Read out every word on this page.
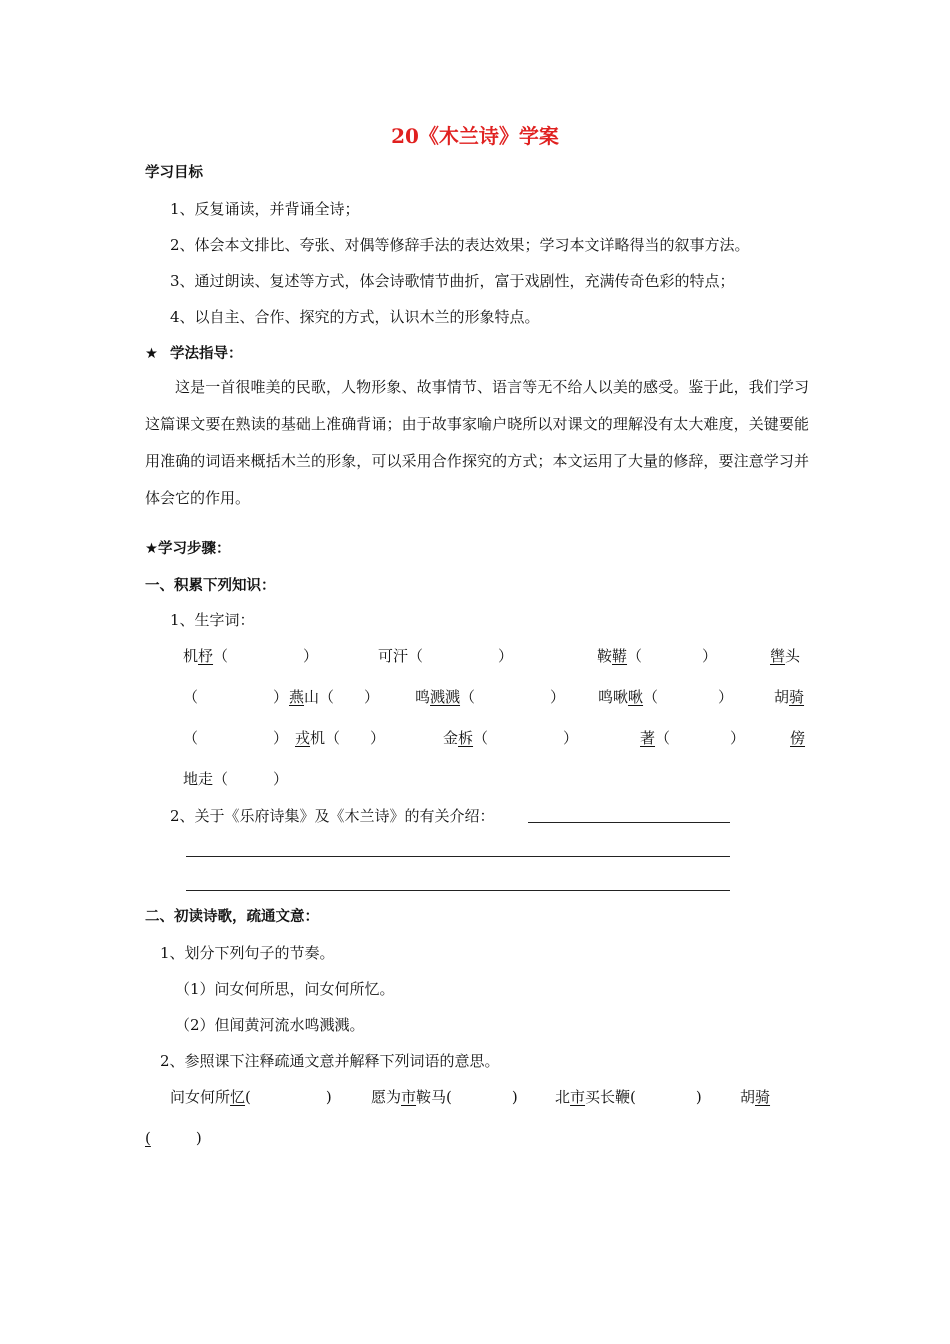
20《木兰诗》学案
学习目标
1、反复诵读，并背诵全诗；
2、体会本文排比、夸张、对偶等修辞手法的表达效果；学习本文详略得当的叙事方法。
3、通过朗读、复述等方式，体会诗歌情节曲折，富于戏剧性，充满传奇色彩的特点；
4、以自主、合作、探究的方式，认识木兰的形象特点。
★ 学法指导：
这是一首很唯美的民歌，人物形象、故事情节、语言等无不给人以美的感受。鉴于此，我们学习这篇课文要在熟读的基础上准确背诵；由于故事家喻户晓所以对课文的理解没有太大难度，关键要能用准确的词语来概括木兰的形象，可以采用合作探究的方式；本文运用了大量的修辞，要注意学习并体会它的作用。
★学习步骤：
一、积累下列知识：
1、生字词：
机杼（　　　　　）	可汗（　　　　　）	鞍鞯（　　　　）	辔头
（　　　　　） 燕山（　　） 鸣溅溅（　　　　　） 鸣啾啾（　　　　）	胡骑
（　　　　　） 戎机（　　）	金柝（　　　　　）	著（　　　　）	傍
地走（　　　）
2、关于《乐府诗集》及《木兰诗》的有关介绍：
二、初读诗歌，疏通文意：
1、划分下列句子的节奏。
（1）问女何所思，问女何所忆。
（2）但闻黄河流水鸣溅溅。
2、参照课下注释疏通文意并解释下列词语的意思。
问女何所忆(　　　　　)	愿为市鞍马(　　　　) 北市买长鞭(　　　　)	胡骑
(　　　)
